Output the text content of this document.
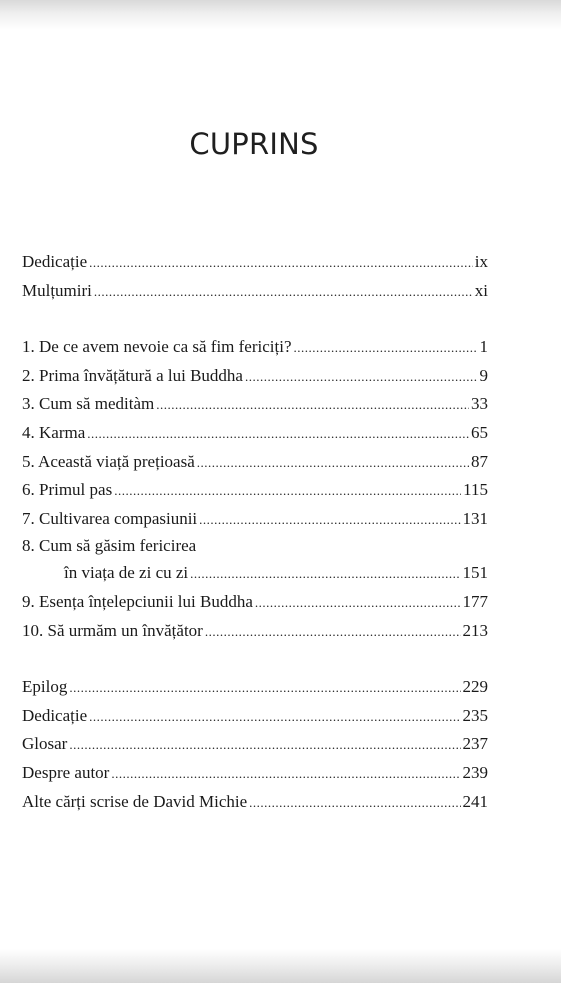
CUPRINS
Dedicație .....	ix
Mulțumiri .....	xi
1. De ce avem nevoie ca să fim fericiți? .....	1
2. Prima învățătură a lui Buddha .....	9
3. Cum să meditàm .....	33
4. Karma .....	65
5. Această viață prețioasă .....	87
6. Primul pas .....	115
7. Cultivarea compasiunii .....	131
8. Cum să găsim fericirea
în viața de zi cu zi .....	151
9. Esența înțelepciunii lui Buddha .....	177
10. Să urmăm un învățător .....	213
Epilog .....	229
Dedicație .....	235
Glosar .....	237
Despre autor .....	239
Alte cărți scrise de David Michie .....	241
